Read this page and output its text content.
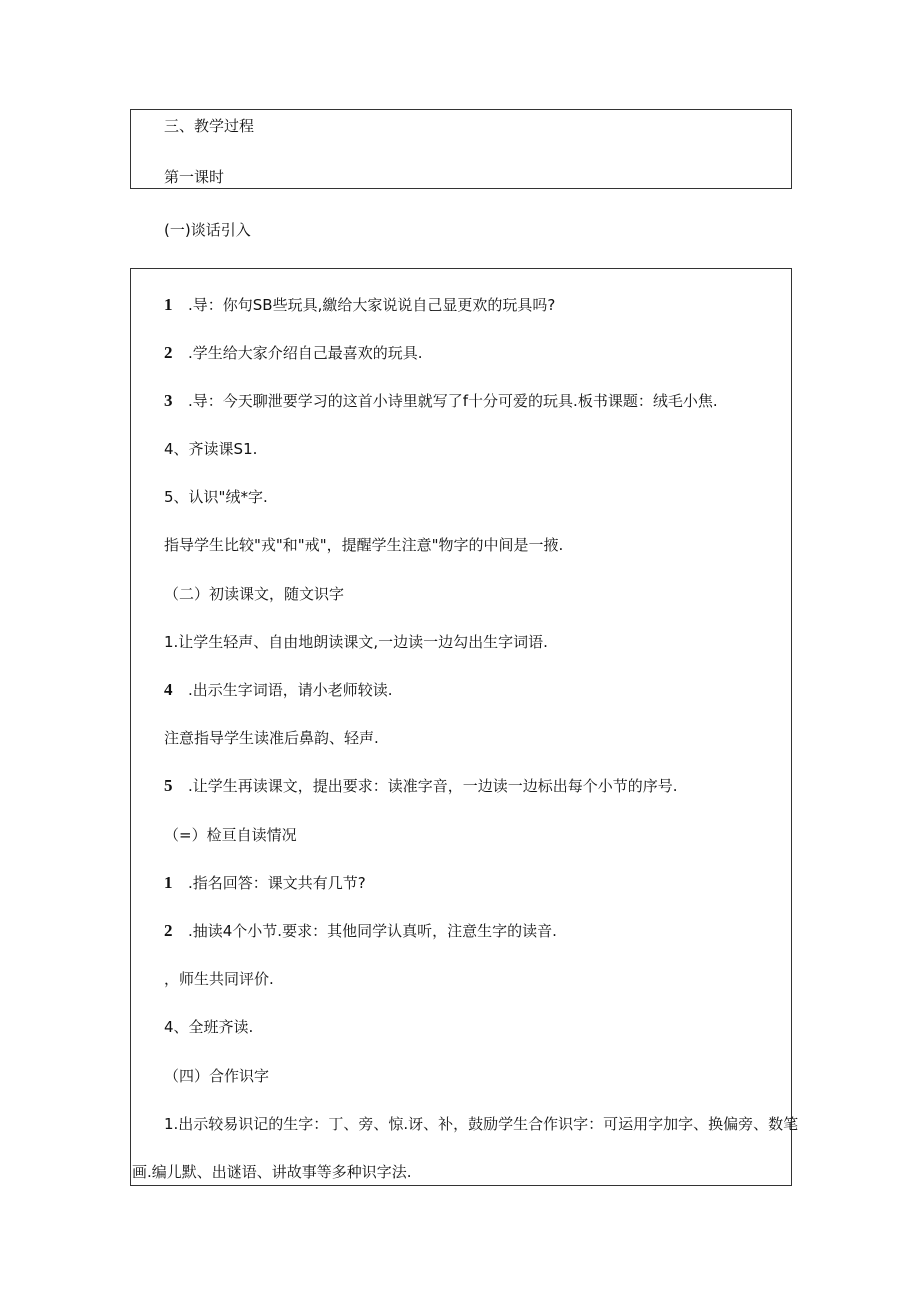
三、教学过程
第一课时
(一)谈话引入
1 .导：你句SB些玩具,繳给大家说说自己显更欢的玩具吗?
2 .学生给大家介绍自己最喜欢的玩具.
3 .导：今天聊泄要学习的这首小诗里就写了f十分可爱的玩具.板书课题：绒毛小焦.
4、齐读课S1.
5、认识"绒*字.
指导学生比较"戎"和"戒"，提醒学生注意"物字的中间是一掖.
（二）初读课文，随文识字
1.让学生轻声、自由地朗读课文,一边读一边勾出生字词语.
4 .出示生字词语，请小老师较读.
注意指导学生读准后鼻韵、轻声.
5 .让学生再读课文，提出要求：读准字音，一边读一边标出每个小节的序号.
（=）检亘自读情况
1 .指名回答：课文共有几节?
2 .抽读4个小节.要求：其他同学认真听，注意生字的读音.
，师生共同评价.
4、全班齐读.
（四）合作识字
1.出示较易识记的生字：丁、旁、惊.讶、补，鼓励学生合作识字：可运用字加字、换偏旁、数笔
画.编儿默、出谜语、讲故事等多种识字法.
